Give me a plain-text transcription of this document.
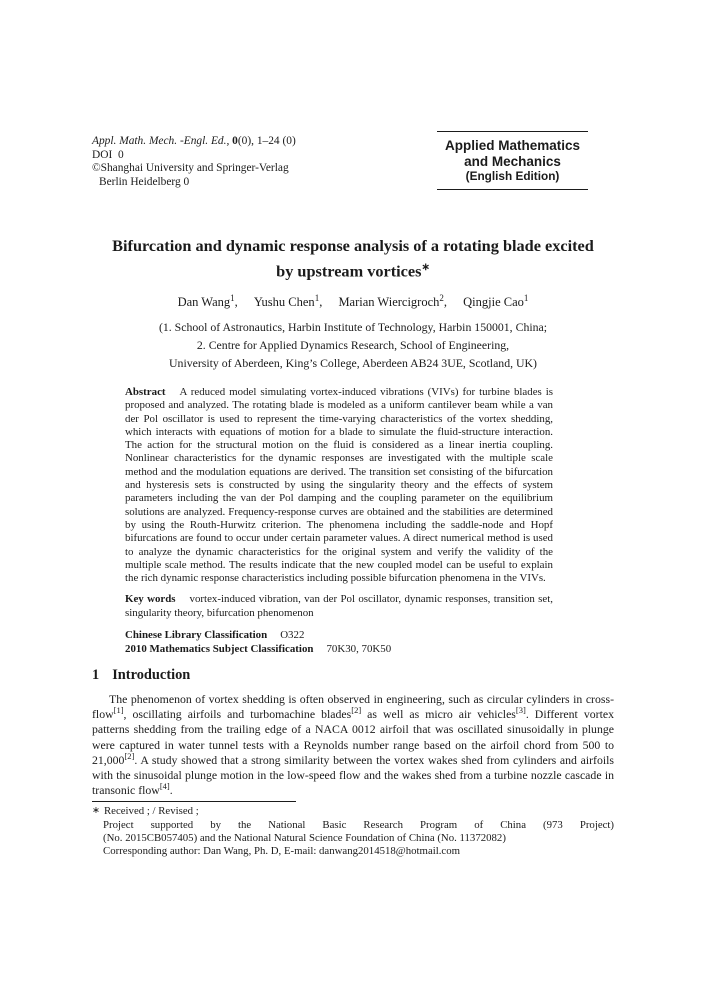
Appl. Math. Mech. -Engl. Ed., 0(0), 1–24 (0)
DOI  0
©Shanghai University and Springer-Verlag
Berlin Heidelberg 0
Applied Mathematics
and Mechanics
(English Edition)
Bifurcation and dynamic response analysis of a rotating blade excited
by upstream vortices∗
Dan Wang$^1$, Yushu Chen$^1$, Marian Wiercigroch$^2$, Qingjie Cao$^1$
(1. School of Astronautics, Harbin Institute of Technology, Harbin 150001, China;
2. Centre for Applied Dynamics Research, School of Engineering,
University of Aberdeen, King’s College, Aberdeen AB24 3UE, Scotland, UK)
Abstract A reduced model simulating vortex-induced vibrations (VIVs) for turbine blades is proposed and analyzed. The rotating blade is modeled as a uniform cantilever beam while a van der Pol oscillator is used to represent the time-varying characteristics of the vortex shedding, which interacts with equations of motion for a blade to simulate the fluid-structure interaction. The action for the structural motion on the fluid is considered as a linear inertia coupling. Nonlinear characteristics for the dynamic responses are investigated with the multiple scale method and the modulation equations are derived. The transition set consisting of the bifurcation and hysteresis sets is constructed by using the singularity theory and the effects of system parameters including the van der Pol damping and the coupling parameter on the equilibrium solutions are analyzed. Frequency-response curves are obtained and the stabilities are determined by using the Routh-Hurwitz criterion. The phenomena including the saddle-node and Hopf bifurcations are found to occur under certain parameter values. A direct numerical method is used to analyze the dynamic characteristics for the original system and verify the validity of the multiple scale method. The results indicate that the new coupled model can be useful to explain the rich dynamic response characteristics including possible bifurcation phenomena in the VIVs.
Key words vortex-induced vibration, van der Pol oscillator, dynamic responses, transition set, singularity theory, bifurcation phenomenon
Chinese Library Classification O322
2010 Mathematics Subject Classification 70K30, 70K50
1 Introduction
The phenomenon of vortex shedding is often observed in engineering, such as circular cylinders in cross-flow[1], oscillating airfoils and turbomachine blades[2] as well as micro air vehicles[3]. Different vortex patterns shedding from the trailing edge of a NACA 0012 airfoil that was oscillated sinusoidally in plunge were captured in water tunnel tests with a Reynolds number range based on the airfoil chord from 500 to 21,000[2]. A study showed that a strong similarity between the vortex wakes shed from cylinders and airfoils with the sinusoidal plunge motion in the low-speed flow and the wakes shed from a turbine nozzle cascade in transonic flow[4].
∗ Received ; / Revised ;
Project supported by the National Basic Research Program of China (973 Project)
(No. 2015CB057405) and the National Natural Science Foundation of China (No. 11372082)
Corresponding author: Dan Wang, Ph. D, E-mail: danwang2014518@hotmail.com
